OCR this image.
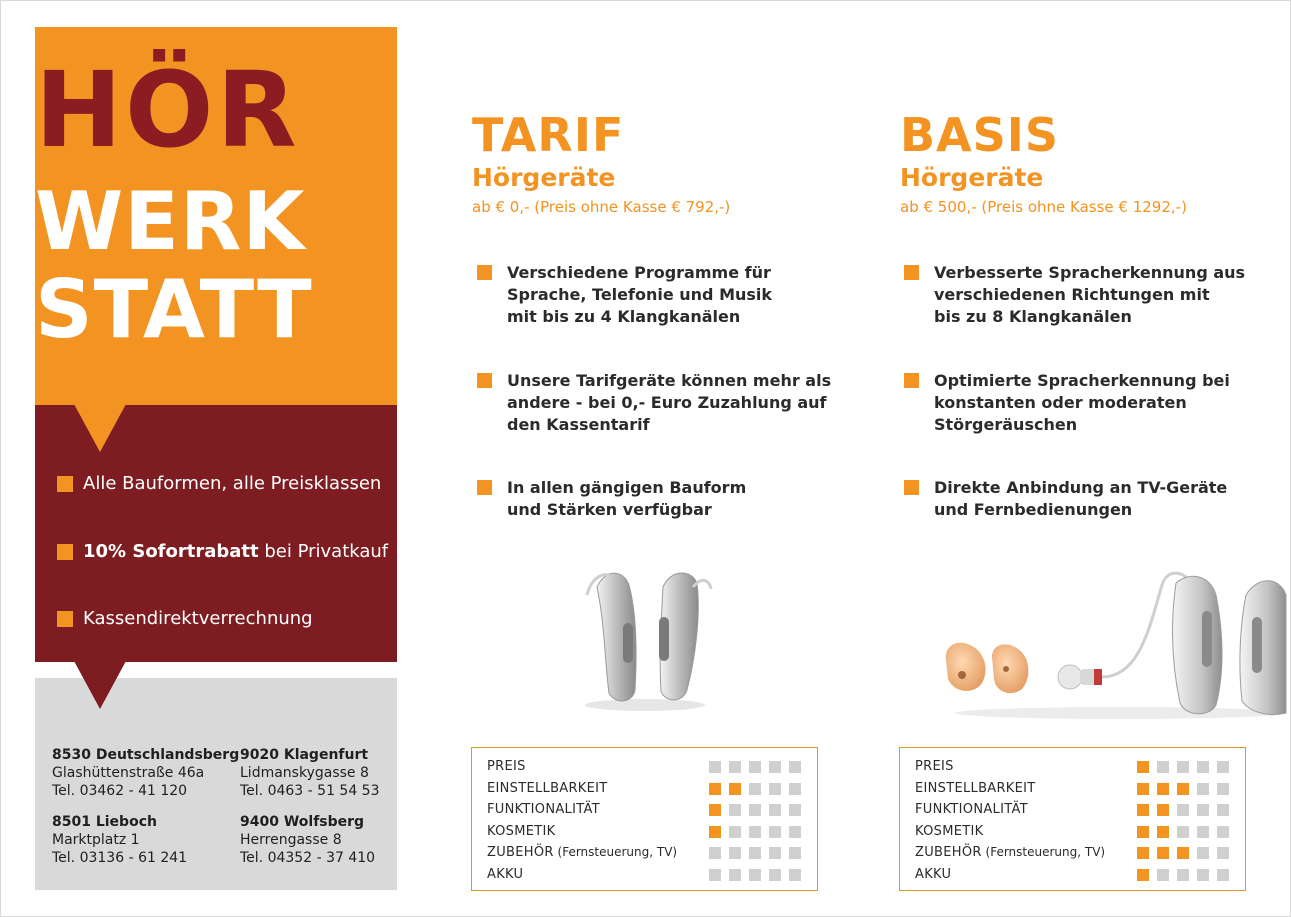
HÖR
WERK
STATT
Alle Bauformen, alle Preisklassen
10% Sofortrabatt bei Privatkauf
Kassendirektverrechnung
8530 Deutschlandsberg
Glashüttenstraße 46a
Tel. 03462 - 41 120
9020 Klagenfurt
Lidmanskygasse 8
Tel. 0463 - 51 54 53
8501 Lieboch
Marktplatz 1
Tel. 03136 - 61 241
9400 Wolfsberg
Herrengasse 8
Tel. 04352 - 37 410
TARIF
Hörgeräte
ab € 0,- (Preis ohne Kasse € 792,-)
Verschiedene Programme für
Sprache, Telefonie und Musik
mit bis zu 4 Klangkanälen
Unsere Tarifgeräte können mehr als
andere - bei 0,- Euro Zuzahlung auf
den Kassentarif
In allen gängigen Bauform
und Stärken verfügbar
BASIS
Hörgeräte
ab € 500,- (Preis ohne Kasse € 1292,-)
Verbesserte Spracherkennung aus
verschiedenen Richtungen mit
bis zu 8 Klangkanälen
Optimierte Spracherkennung bei
konstanten oder moderaten
Störgeräuschen
Direkte Anbindung an TV-Geräte
und Fernbedienungen
PREIS
EINSTELLBARKEIT
FUNKTIONALITÄT
KOSMETIK
ZUBEHÖR (Fernsteuerung, TV)
AKKU
PREIS
EINSTELLBARKEIT
FUNKTIONALITÄT
KOSMETIK
ZUBEHÖR (Fernsteuerung, TV)
AKKU
